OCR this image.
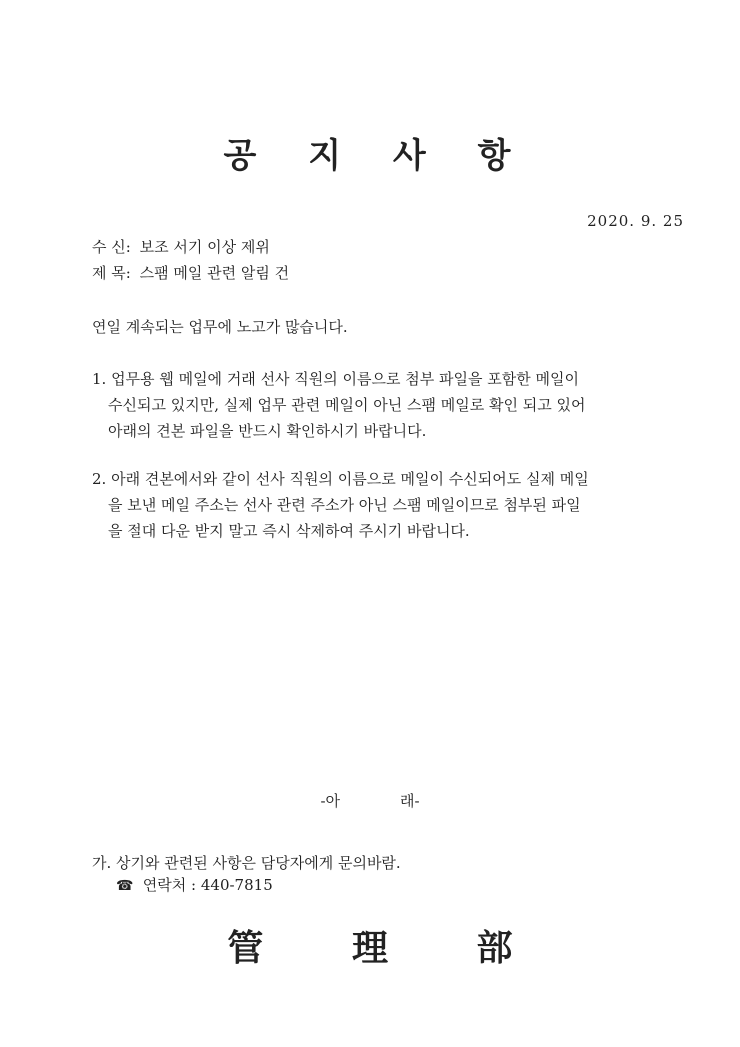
공 지 사 항
2020. 9. 25
수 신: 보조 서기 이상 제위
제 목: 스팸 메일 관련 알림 건
연일 계속되는 업무에 노고가 많습니다.
1. 업무용 웹 메일에 거래 선사 직원의 이름으로 첨부 파일을 포함한 메일이
수신되고 있지만, 실제 업무 관련 메일이 아닌 스팸 메일로 확인 되고 있어
아래의 견본 파일을 반드시 확인하시기 바랍니다.
2. 아래 견본에서와 같이 선사 직원의 이름으로 메일이 수신되어도 실제 메일
을 보낸 메일 주소는 선사 관련 주소가 아닌 스팸 메일이므로 첨부된 파일
을 절대 다운 받지 말고 즉시 삭제하여 주시기 바랍니다.
-아	래-
가. 상기와 관련된 사항은 담당자에게 문의바람.
☎ 연락처 : 440-7815
管 理 部
